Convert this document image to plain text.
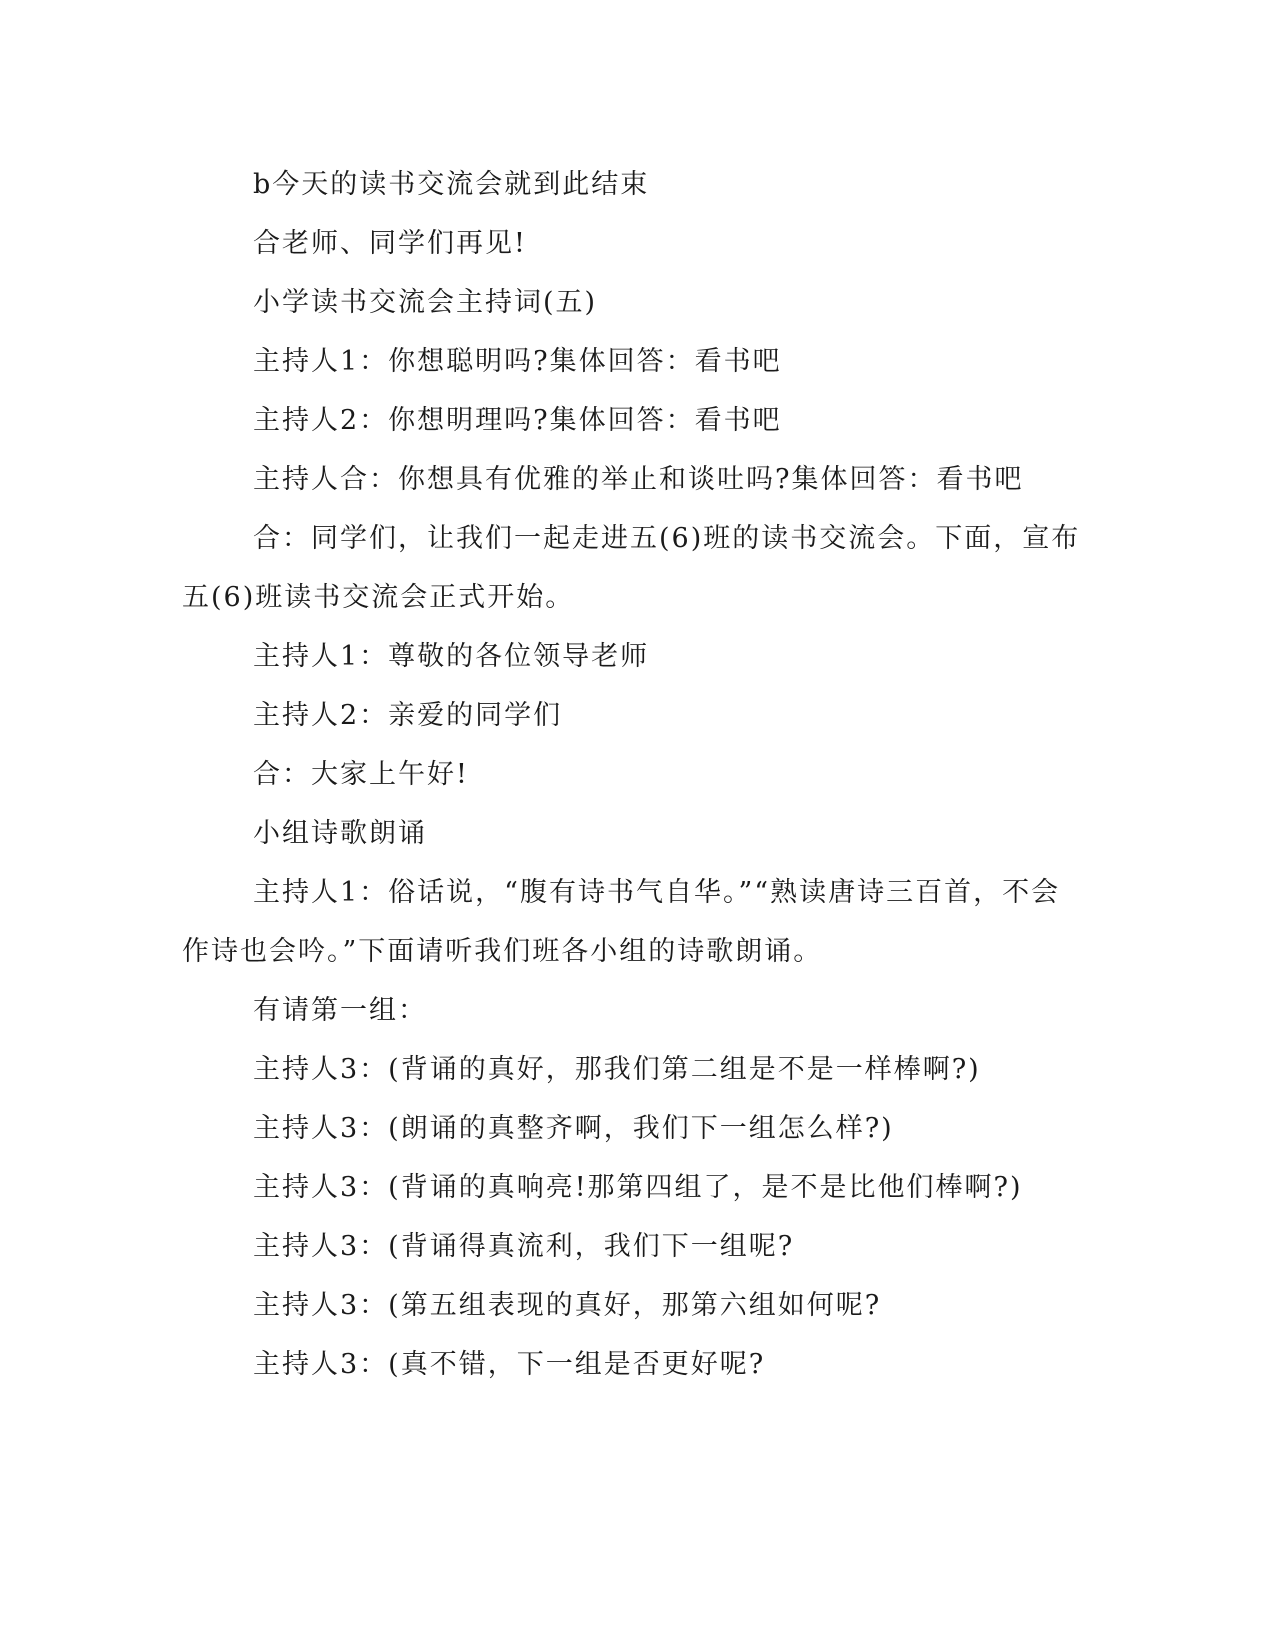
b今天的读书交流会就到此结束

合老师、同学们再见!

小学读书交流会主持词(五)

主持人1：你想聪明吗?集体回答：看书吧

主持人2：你想明理吗?集体回答：看书吧

主持人合：你想具有优雅的举止和谈吐吗?集体回答：看书吧

合：同学们，让我们一起走进五(6)班的读书交流会。下面，宣布五(6)班读书交流会正式开始。

主持人1：尊敬的各位领导老师

主持人2：亲爱的同学们

合：大家上午好!

小组诗歌朗诵

主持人1：俗话说，“腹有诗书气自华。”“熟读唐诗三百首，不会作诗也会吟。”下面请听我们班各小组的诗歌朗诵。

有请第一组：

主持人3：(背诵的真好，那我们第二组是不是一样棒啊?)

主持人3：(朗诵的真整齐啊，我们下一组怎么样?)

主持人3：(背诵的真响亮!那第四组了，是不是比他们棒啊?)

主持人3：(背诵得真流利，我们下一组呢?

主持人3：(第五组表现的真好，那第六组如何呢?

主持人3：(真不错，下一组是否更好呢?
